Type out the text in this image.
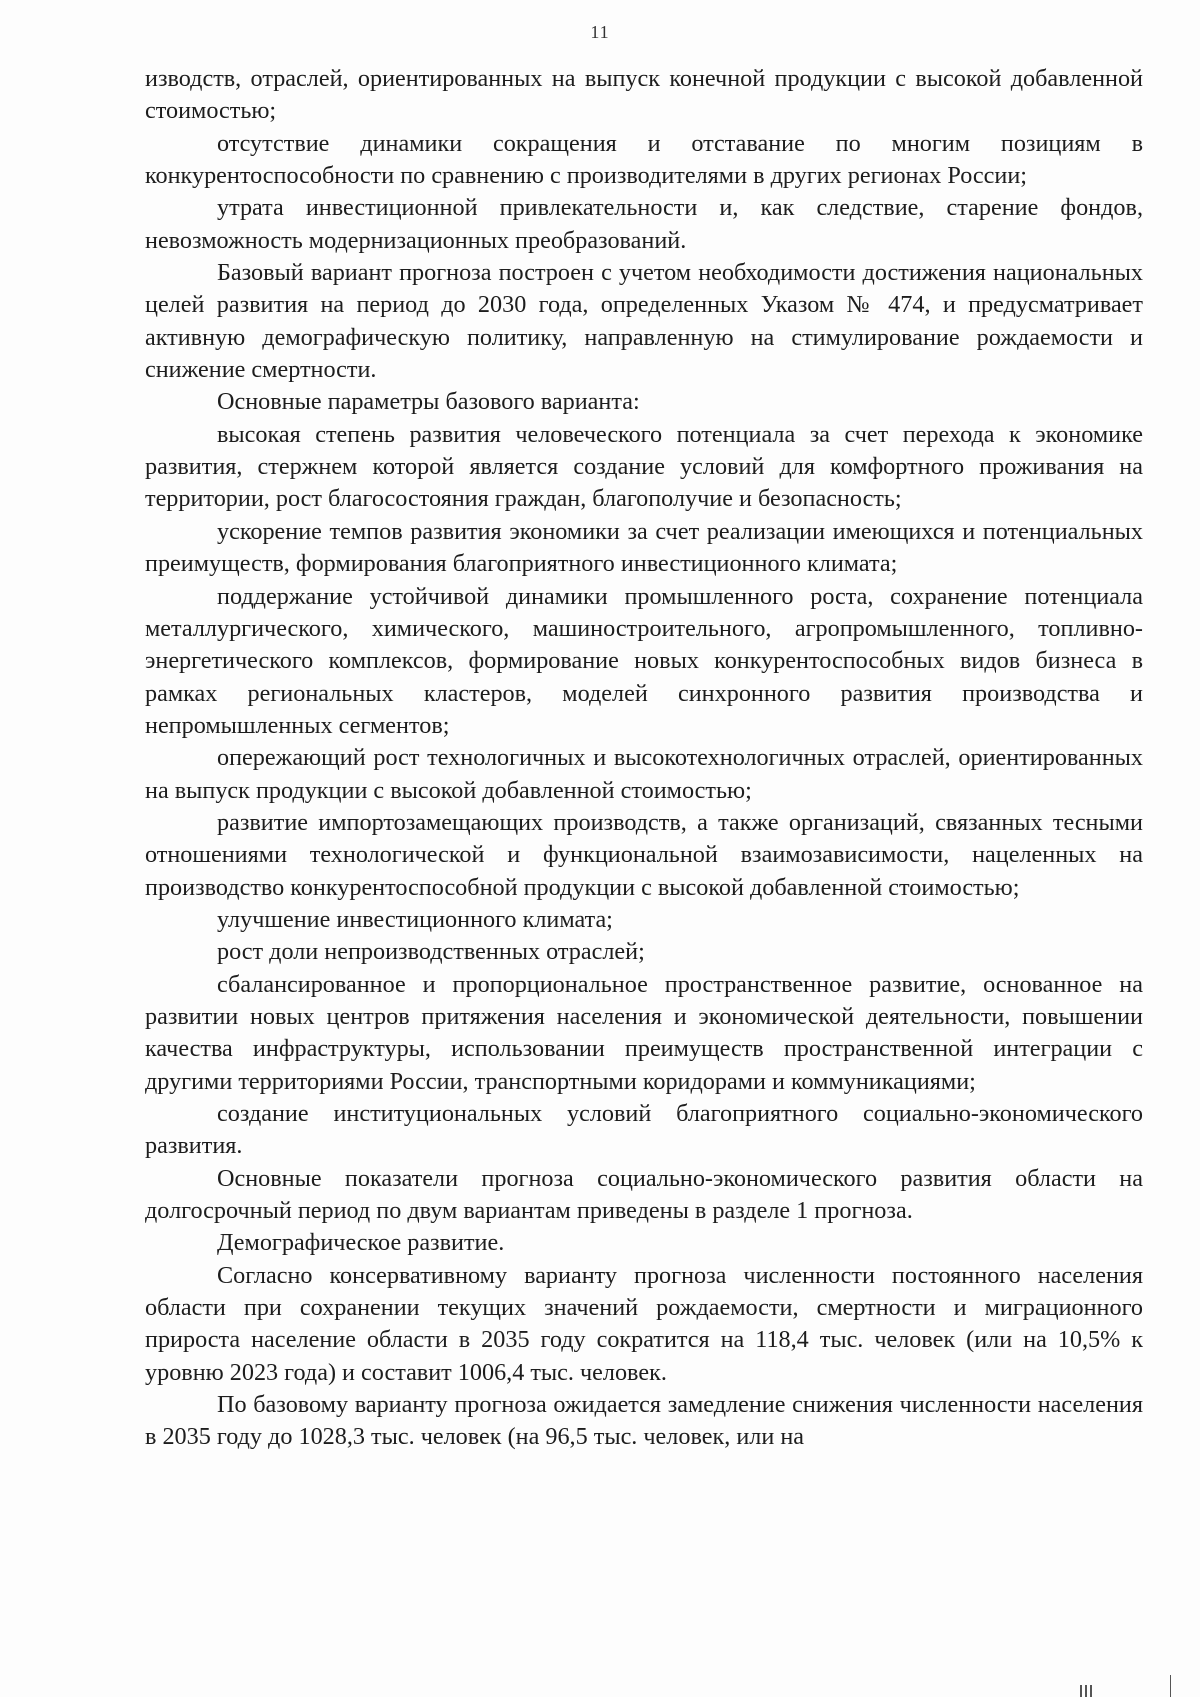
11

изводств, отраслей, ориентированных на выпуск конечной продукции с высокой добавленной стоимостью;

отсутствие динамики сокращения и отставание по многим позициям в конкурентоспособности по сравнению с производителями в других регионах России;

утрата инвестиционной привлекательности и, как следствие, старение фондов, невозможность модернизационных преобразований.

Базовый вариант прогноза построен с учетом необходимости достижения национальных целей развития на период до 2030 года, определенных Указом № 474, и предусматривает активную демографическую политику, направленную на стимулирование рождаемости и снижение смертности.

Основные параметры базового варианта:

высокая степень развития человеческого потенциала за счет перехода к экономике развития, стержнем которой является создание условий для комфортного проживания на территории, рост благосостояния граждан, благополучие и безопасность;

ускорение темпов развития экономики за счет реализации имеющихся и потенциальных преимуществ, формирования благоприятного инвестиционного климата;

поддержание устойчивой динамики промышленного роста, сохранение потенциала металлургического, химического, машиностроительного, агропромышленного, топливно-энергетического комплексов, формирование новых конкурентоспособных видов бизнеса в рамках региональных кластеров, моделей синхронного развития производства и непромышленных сегментов;

опережающий рост технологичных и высокотехнологичных отраслей, ориентированных на выпуск продукции с высокой добавленной стоимостью;

развитие импортозамещающих производств, а также организаций, связанных тесными отношениями технологической и функциональной взаимозависимости, нацеленных на производство конкурентоспособной продукции с высокой добавленной стоимостью;

улучшение инвестиционного климата;

рост доли непроизводственных отраслей;

сбалансированное и пропорциональное пространственное развитие, основанное на развитии новых центров притяжения населения и экономической деятельности, повышении качества инфраструктуры, использовании преимуществ пространственной интеграции с другими территориями России, транспортными коридорами и коммуникациями;

создание институциональных условий благоприятного социально-экономического развития.

Основные показатели прогноза социально-экономического развития области на долгосрочный период по двум вариантам приведены в разделе 1 прогноза.

Демографическое развитие.

Согласно консервативному варианту прогноза численности постоянного населения области при сохранении текущих значений рождаемости, смертности и миграционного прироста население области в 2035 году сократится на 118,4 тыс. человек (или на 10,5% к уровню 2023 года) и составит 1006,4 тыс. человек.

По базовому варианту прогноза ожидается замедление снижения численности населения в 2035 году до 1028,3 тыс. человек (на 96,5 тыс. человек, или на
